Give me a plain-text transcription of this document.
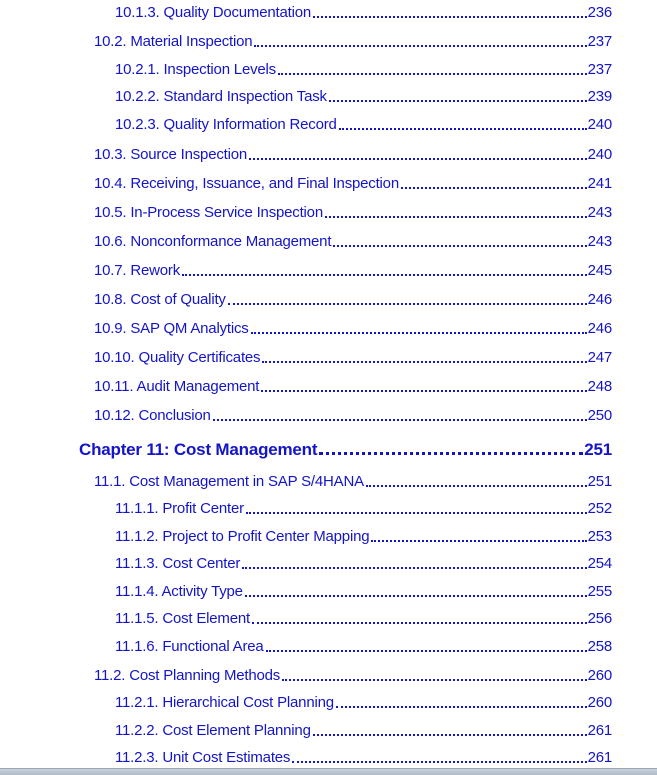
10.1.3. Quality Documentation	236
10.2. Material Inspection	237
10.2.1. Inspection Levels	237
10.2.2. Standard Inspection Task	239
10.2.3. Quality Information Record	240
10.3. Source Inspection	240
10.4. Receiving, Issuance, and Final Inspection	241
10.5. In-Process Service Inspection	243
10.6. Nonconformance Management	243
10.7. Rework	245
10.8. Cost of Quality	246
10.9. SAP QM Analytics	246
10.10. Quality Certificates	247
10.11. Audit Management	248
10.12. Conclusion	250
Chapter 11: Cost Management	251
11.1. Cost Management in SAP S/4HANA	251
11.1.1. Profit Center	252
11.1.2. Project to Profit Center Mapping	253
11.1.3. Cost Center	254
11.1.4. Activity Type	255
11.1.5. Cost Element	256
11.1.6. Functional Area	258
11.2. Cost Planning Methods	260
11.2.1. Hierarchical Cost Planning	260
11.2.2. Cost Element Planning	261
11.2.3. Unit Cost Estimates	261
